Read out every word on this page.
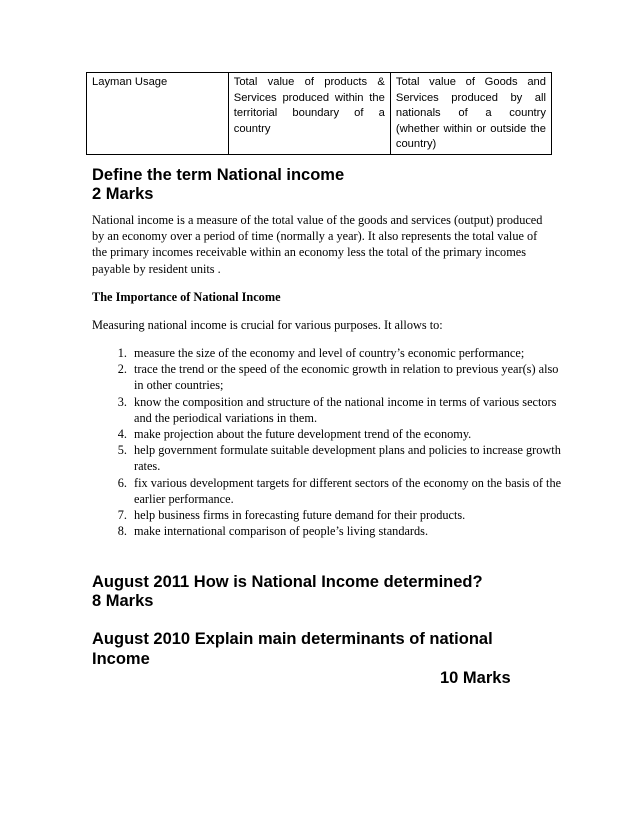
Layman Usage	Total value of products & Services produced within the territorial boundary of a country	Total value of Goods and Services produced by all nationals of a country (whether within or outside the country)
Define the term National income
2 Marks

National income is a measure of the total value of the goods and services (output) produced by an economy over a period of time (normally a year). It also represents the total value of the primary incomes receivable within an economy less the total of the primary incomes payable by resident units .

The Importance of National Income

Measuring national income is crucial for various purposes. It allows to:

1. measure the size of the economy and level of country’s economic performance;
2. trace the trend or the speed of the economic growth in relation to previous year(s) also in other countries;
3. know the composition and structure of the national income in terms of various sectors and the periodical variations in them.
4. make projection about the future development trend of the economy.
5. help government formulate suitable development plans and policies to increase growth rates.
6. fix various development targets for different sectors of the economy on the basis of the earlier performance.
7. help business firms in forecasting future demand for their products.
8. make international comparison of people’s living standards.
August 2011 How is National Income determined?
8 Marks
August 2010 Explain main determinants of national
Income

10 Marks
